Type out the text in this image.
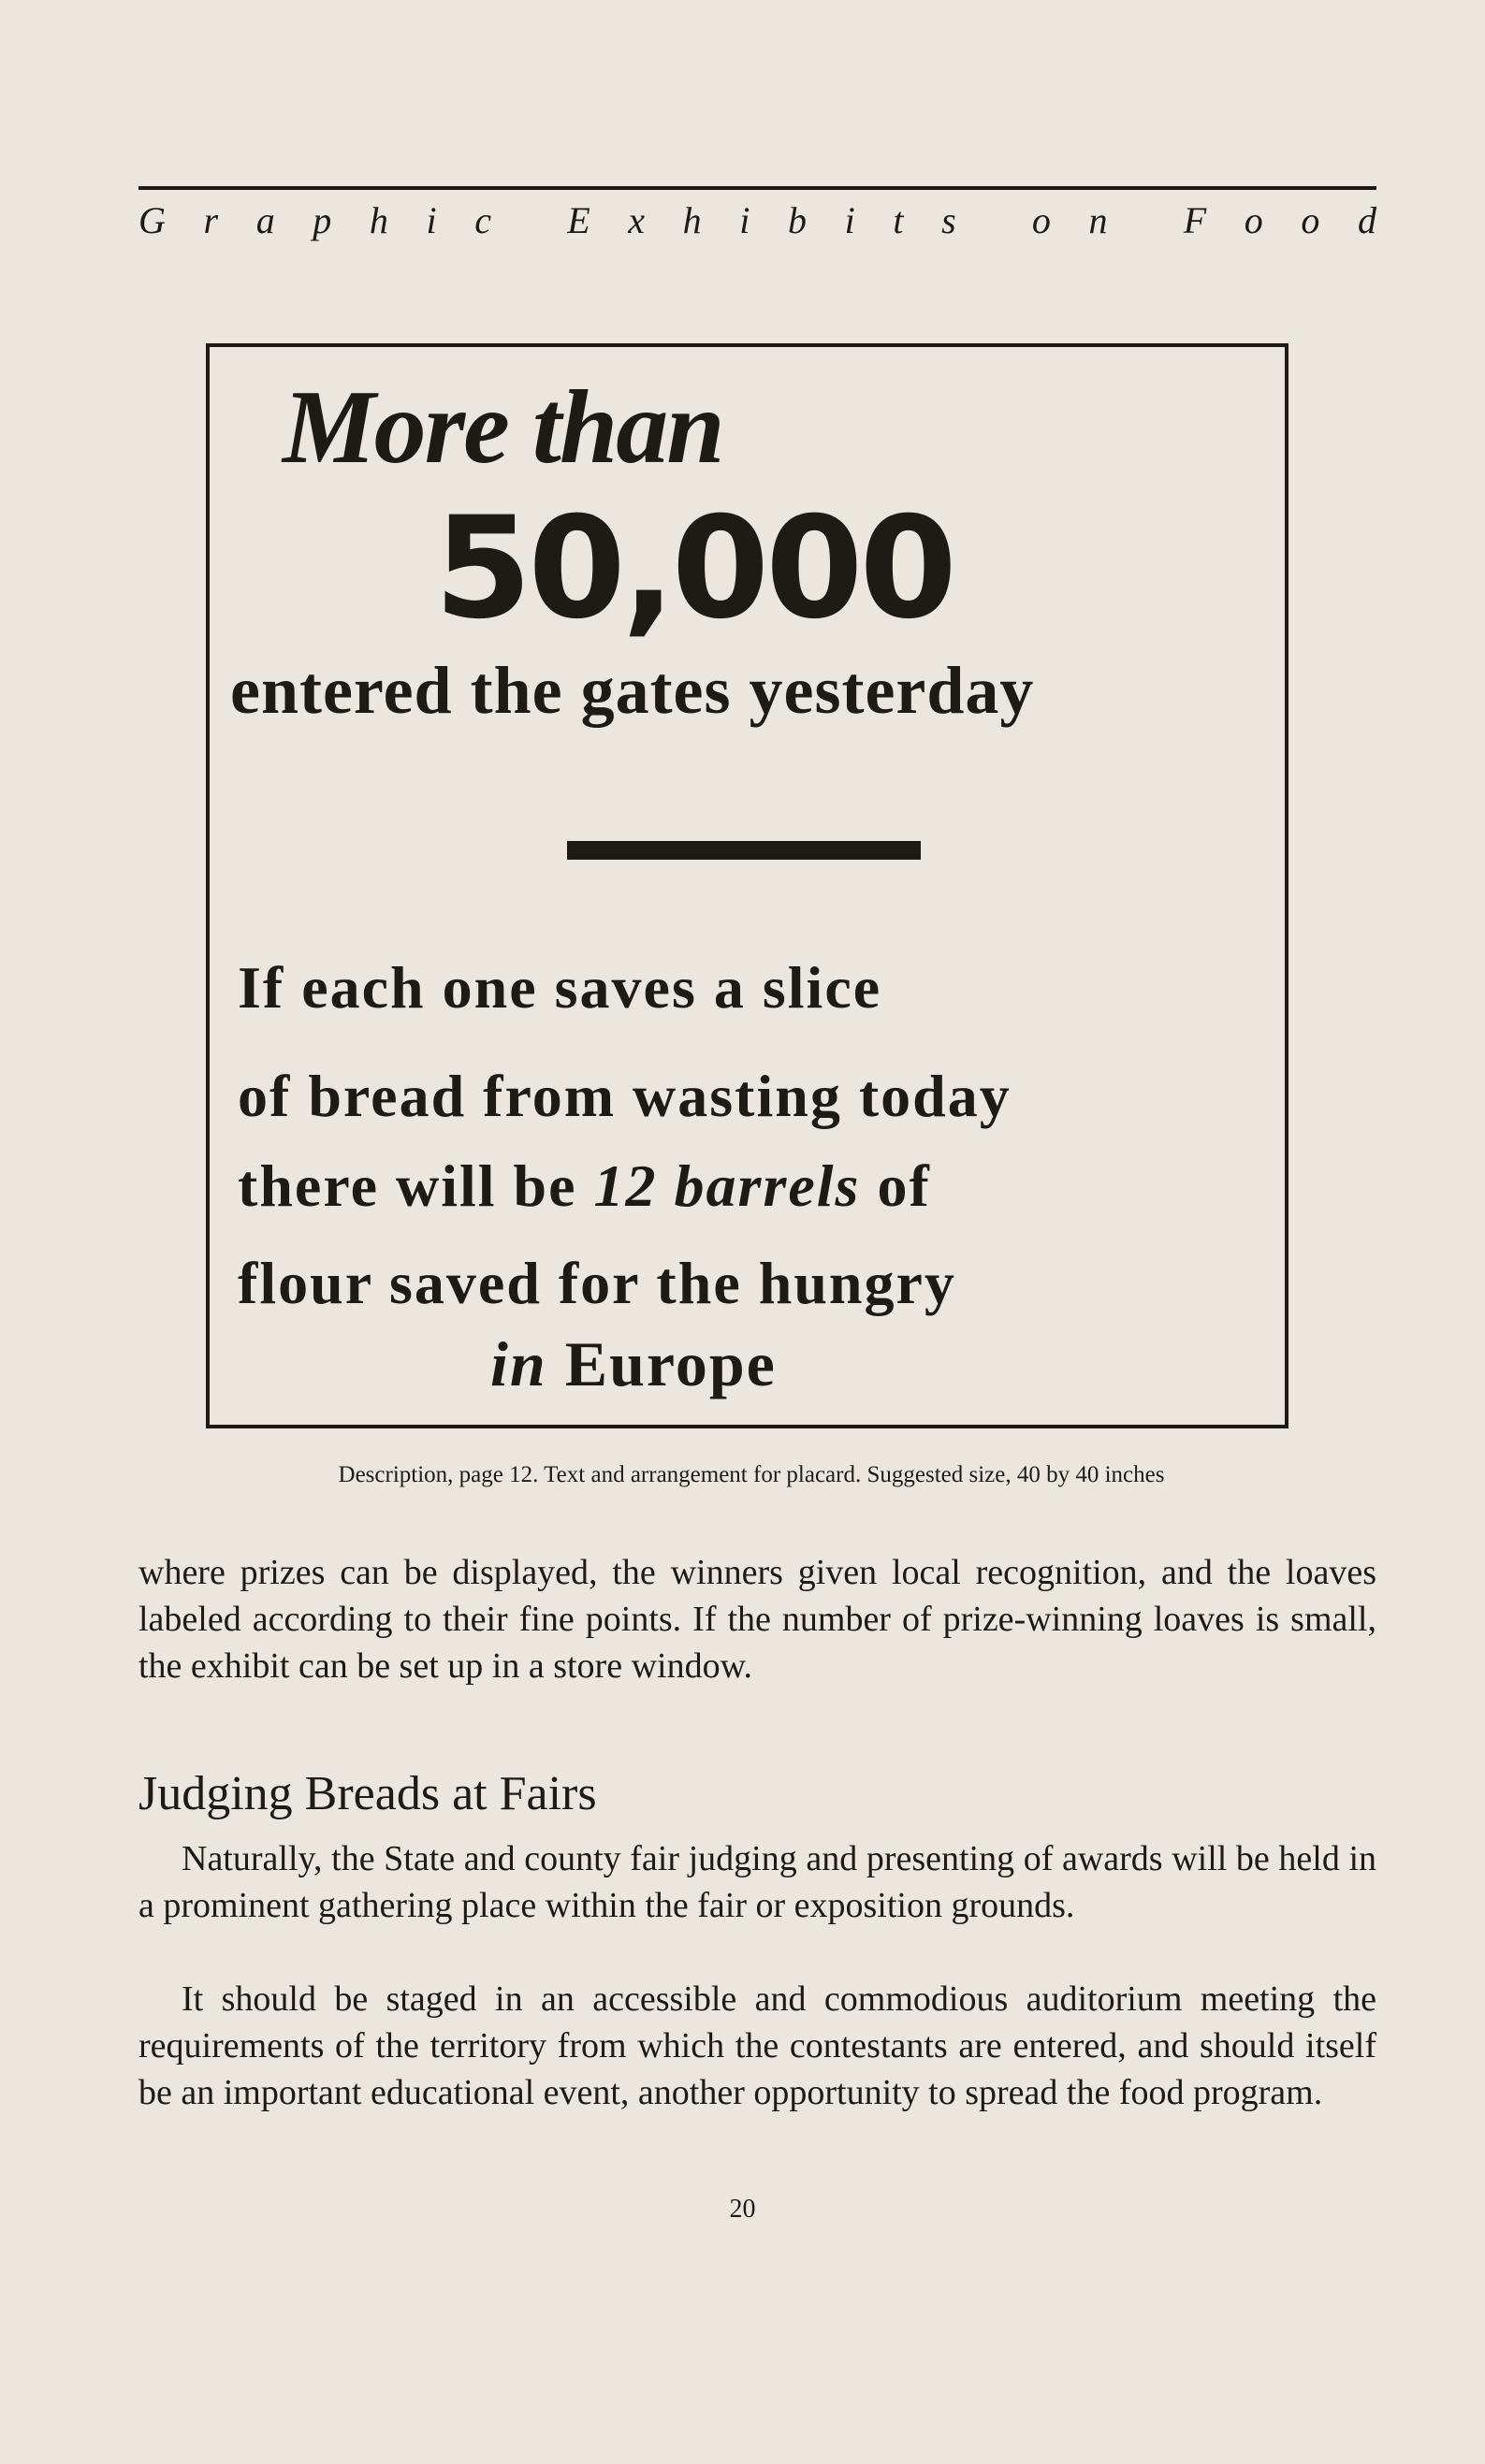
G r a p h i c E x h i b i t s o n F o o d
More than
50,000
entered the gates yesterday
If each one saves a slice
of bread from wasting today
there will be 12 barrels of
flour saved for the hungry
in Europe
Description, page 12. Text and arrangement for placard. Suggested size, 40 by 40 inches

where prizes can be displayed, the winners given local recognition, and the loaves labeled according to their fine points. If the number of prize-winning loaves is small, the exhibit can be set up in a store window.

Judging Breads at Fairs

Naturally, the State and county fair judging and presenting of awards will be held in a prominent gathering place within the fair or exposition grounds.

It should be staged in an accessible and commodious auditorium meeting the requirements of the territory from which the contestants are entered, and should itself be an important educational event, another opportunity to spread the food program.

20
